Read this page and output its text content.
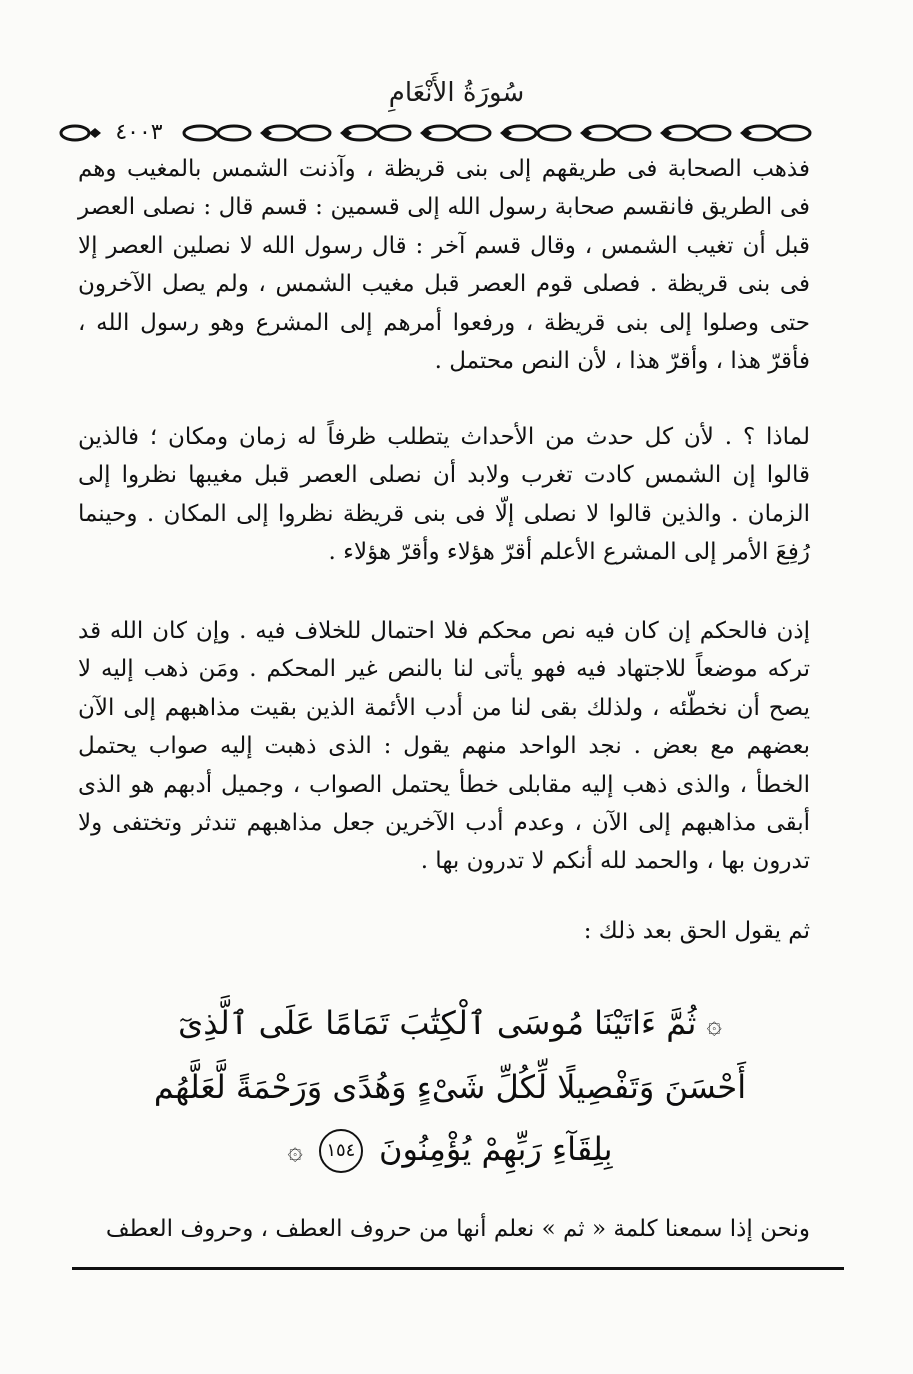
سُورَةُ الأَنْعَامِ
٤٠٠٣

فذهب الصحابة فى طريقهم إلى بنى قريظة ، وآذنت الشمس بالمغيب وهم فى الطريق فانقسم صحابة رسول الله إلى قسمين : قسم قال : نصلى العصر قبل أن تغيب الشمس ، وقال قسم آخر : قال رسول الله لا نصلين العصر إلا فى بنى قريظة . فصلى قوم العصر قبل مغيب الشمس ، ولم يصل الآخرون حتى وصلوا إلى بنى قريظة ، ورفعوا أمرهم إلى المشرع وهو رسول الله ، فأقرّ هذا ، وأقرّ هذا ، لأن النص محتمل .

لماذا ؟ . لأن كل حدث من الأحداث يتطلب ظرفاً له زمان ومكان ؛ فالذين قالوا إن الشمس كادت تغرب ولابد أن نصلى العصر قبل مغيبها نظروا إلى الزمان . والذين قالوا لا نصلى إلّا فى بنى قريظة نظروا إلى المكان . وحينما رُفِعَ الأمر إلى المشرع الأعلم أقرّ هؤلاء وأقرّ هؤلاء .

إذن فالحكم إن كان فيه نص محكم فلا احتمال للخلاف فيه . وإن كان الله قد تركه موضعاً للاجتهاد فيه فهو يأتى لنا بالنص غير المحكم . ومَن ذهب إليه لا يصح أن نخطّئه ، ولذلك بقى لنا من أدب الأئمة الذين بقيت مذاهبهم إلى الآن بعضهم مع بعض . نجد الواحد منهم يقول : الذى ذهبت إليه صواب يحتمل الخطأ ، والذى ذهب إليه مقابلى خطأ يحتمل الصواب ، وجميل أدبهم هو الذى أبقى مذاهبهم إلى الآن ، وعدم أدب الآخرين جعل مذاهبهم تندثر وتختفى ولا تدرون بها ، والحمد لله أنكم لا تدرون بها .

ثم يقول الحق بعد ذلك :

۞ ثُمَّ ءَاتَيْنَا مُوسَى ٱلْكِتَٰبَ تَمَامًا عَلَى ٱلَّذِىٓ
أَحْسَنَ وَتَفْصِيلًا لِّكُلِّ شَىْءٍ وَهُدًى وَرَحْمَةً لَّعَلَّهُم
بِلِقَآءِ رَبِّهِمْ يُؤْمِنُونَ ١٥٤ ۞

ونحن إذا سمعنا كلمة « ثم » نعلم أنها من حروف العطف ، وحروف العطف
